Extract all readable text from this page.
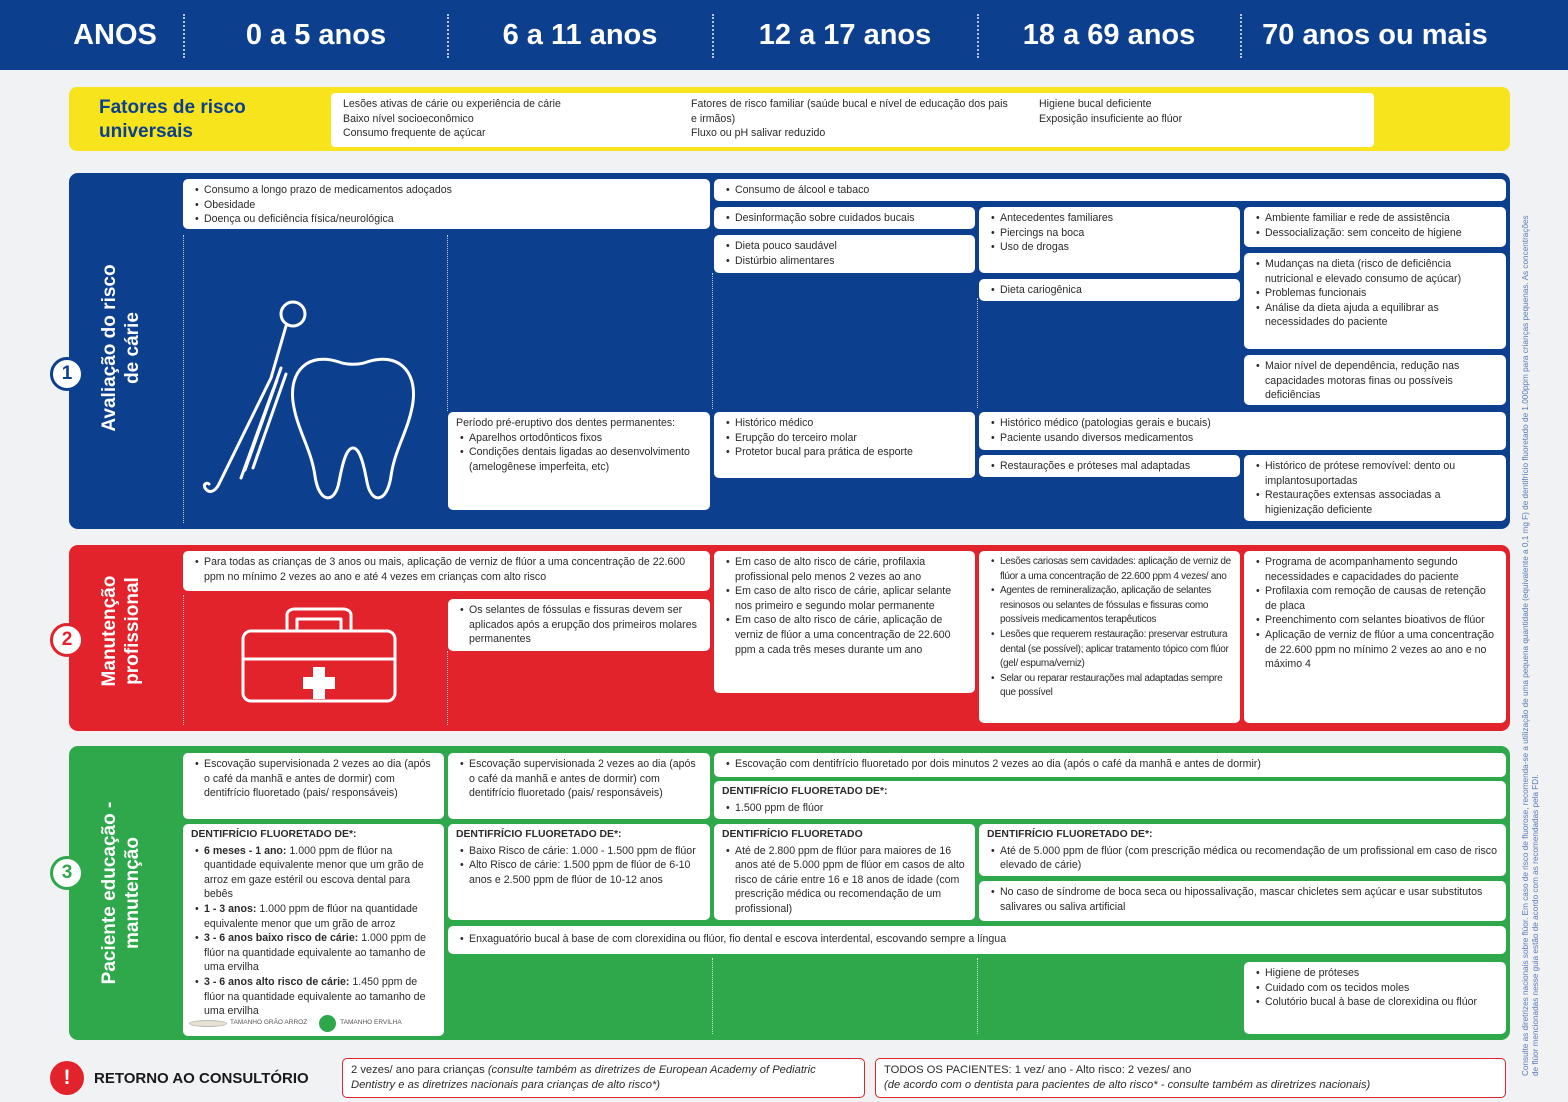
ANOS	0 a 5 anos	6 a 11 anos	12 a 17 anos	18 a 69 anos	70 anos ou mais
Fatores de risco
universais
Lesões ativas de cárie ou experiência de cárie
Baixo nível socioeconômico
Consumo frequente de açúcar
Fatores de risco familiar (saúde bucal e nível de educação dos pais e irmãos)
Fluxo ou pH salivar reduzido
Higiene bucal deficiente
Exposição insuficiente ao flúor
Avaliação do risco de cárie
1
• Consumo a longo prazo de medicamentos adoçados
• Obesidade
• Doença ou deficiência física/neurológica
• Consumo de álcool e tabaco
• Desinformação sobre cuidados bucais
• Dieta pouco saudável
• Distúrbio alimentares
• Antecedentes familiares
• Piercings na boca
• Uso de drogas
• Dieta cariogênica
• Ambiente familiar e rede de assistência
• Dessocialização: sem conceito de higiene
• Mudanças na dieta (risco de deficiência nutricional e elevado consumo de açúcar)
• Problemas funcionais
• Análise da dieta ajuda a equilibrar as necessidades do paciente
• Maior nível de dependência, redução nas capacidades motoras finas ou possíveis deficiências
Período pré-eruptivo dos dentes permanentes:
• Aparelhos ortodônticos fixos
• Condições dentais ligadas ao desenvolvimento (amelogênese imperfeita, etc)
• Histórico médico
• Erupção do terceiro molar
• Protetor bucal para prática de esporte
• Histórico médico (patologias gerais e bucais)
• Paciente usando diversos medicamentos
• Restaurações e próteses mal adaptadas
•	Histórico de prótese removível: dento ou implantosuportadas
• Restaurações extensas associadas a higienização deficiente
Manutenção profissional
2
• Para todas as crianças de 3 anos ou mais, aplicação de verniz de flúor a uma concentração de 22.600 ppm no mínimo 2 vezes ao ano e até 4 vezes em crianças com alto risco
• Os selantes de fóssulas e fissuras devem ser aplicados após a erupção dos primeiros molares permanentes
• Em caso de alto risco de cárie, profilaxia profissional pelo menos 2 vezes ao ano
• Em caso de alto risco de cárie, aplicar selante nos primeiro e segundo molar permanente
• Em caso de alto risco de cárie, aplicação de verniz de flúor a uma concentração de 22.600 ppm a cada três meses durante um ano
• Lesões cariosas sem cavidades: aplicação de verniz de flúor a uma concentração de 22.600 ppm 4 vezes/ ano
• Agentes de remineralização, aplicação de selantes resinosos ou selantes de fóssulas e fissuras como possíveis medicamentos terapêuticos
• Lesões que requerem restauração: preservar estrutura dental (se possível); aplicar tratamento tópico com flúor (gel/ espuma/verniz)
• Selar ou reparar restaurações mal adaptadas sempre que possível
• Programa de acompanhamento segundo necessidades e capacidades do paciente
• Profilaxia com remoção de causas de retenção de placa
• Preenchimento com selantes bioativos de flúor
• Aplicação de verniz de flúor a uma concentração de 22.600 ppm no mínimo 2 vezes ao ano e no máximo 4
Paciente educação - manutenção
3
• Escovação supervisionada 2 vezes ao dia (após o café da manhã e antes de dormir) com dentifrício fluoretado (pais/ responsáveis)
• Escovação supervisionada 2 vezes ao dia (após o café da manhã e antes de dormir) com dentifrício fluoretado (pais/ responsáveis)
• Escovação com dentifrício fluoretado por dois minutos 2 vezes ao dia (após o café da manhã e antes de dormir)
DENTIFRÍCIO FLUORETADO DE*:
• 1.500 ppm de flúor
DENTIFRÍCIO FLUORETADO DE*:
• 6 meses - 1 ano: 1.000 ppm de flúor na quantidade equivalente menor que um grão de arroz em gaze estéril ou escova dental para bebês
• 1 - 3 anos: 1.000 ppm de flúor na quantidade equivalente menor que um grão de arroz
• 3 - 6 anos baixo risco de cárie: 1.000 ppm de flúor na quantidade equivalente ao tamanho de uma ervilha
• 3 - 6 anos alto risco de cárie: 1.450 ppm de flúor na quantidade equivalente ao tamanho de uma ervilha
TAMANHO GRÃO ARROZ	TAMANHO ERVILHA
DENTIFRÍCIO FLUORETADO DE*:
• Baixo Risco de cárie: 1.000 - 1.500 ppm de flúor
• Alto Risco de cárie: 1.500 ppm de flúor de 6-10 anos e 2.500 ppm de flúor de 10-12 anos
DENTIFRÍCIO FLUORETADO
• Até de 2.800 ppm de flúor para maiores de 16 anos até de 5.000 ppm de flúor em casos de alto risco de cárie entre 16 e 18 anos de idade (com prescrição médica ou recomendação de um profissional)
DENTIFRÍCIO FLUORETADO DE*:
• Até de 5.000 ppm de flúor (com prescrição médica ou recomendação de um profissional em caso de risco elevado de cárie)
• No caso de síndrome de boca seca ou hipossalivação, mascar chicletes sem açúcar e usar substitutos salivares ou saliva artificial
• Enxaguatório bucal à base de com clorexidina ou flúor, fio dental e escova interdental, escovando sempre a língua
• Higiene de próteses
• Cuidado com os tecidos moles
• Colutório bucal à base de clorexidina ou flúor
!	RETORNO AO CONSULTÓRIO	2 vezes/ ano para crianças (consulte também as diretrizes de European Academy of Pediatric Dentistry e as diretrizes nacionais para crianças de alto risco*)
TODOS OS PACIENTES: 1 vez/ ano - Alto risco: 2 vezes/ ano
(de acordo com o dentista para pacientes de alto risco* - consulte também as diretrizes nacionais)
Consulte as diretrizes nacionais sobre flúor. Em caso de risco de fluorose, recomenda-se a utilização de uma pequena quantidade (equivalente a 0,1 mg F) de dentifrício fluoretado de 1.000ppm para crianças pequenas. As concentrações de flúor mencionadas nesse guia estão de acordo com as recomendadas pela FDI.
